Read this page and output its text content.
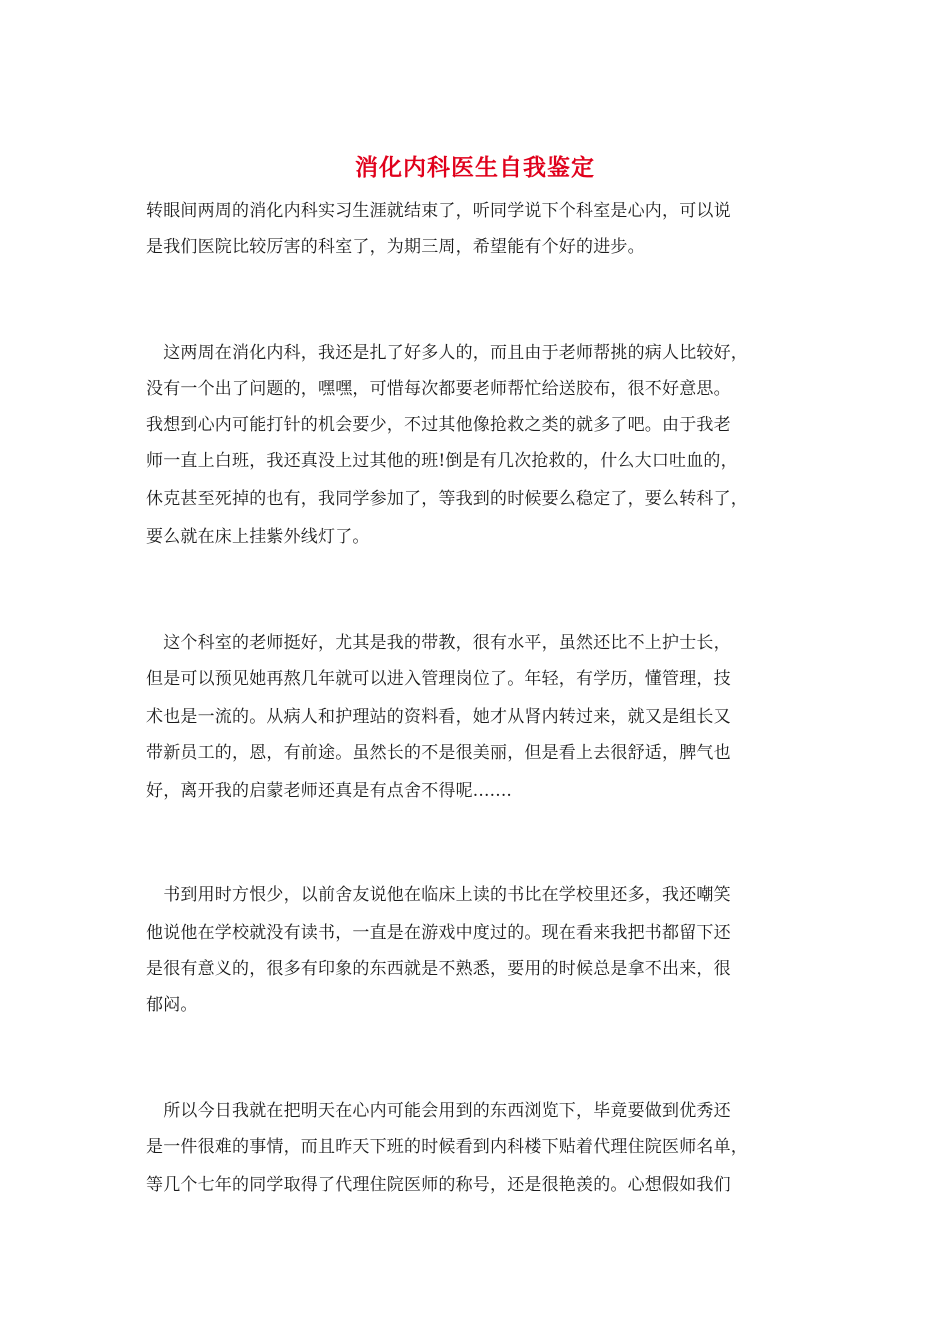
消化内科医生自我鉴定
转眼间两周的消化内科实习生涯就结束了，听同学说下个科室是心内，可以说
是我们医院比较厉害的科室了，为期三周，希望能有个好的进步。
　这两周在消化内科，我还是扎了好多人的，而且由于老师帮挑的病人比较好，
没有一个出了问题的，嘿嘿，可惜每次都要老师帮忙给送胶布，很不好意思。
我想到心内可能打针的机会要少，不过其他像抢救之类的就多了吧。由于我老
师一直上白班，我还真没上过其他的班!倒是有几次抢救的，什么大口吐血的，
休克甚至死掉的也有，我同学参加了，等我到的时候要么稳定了，要么转科了，
要么就在床上挂紫外线灯了。
　这个科室的老师挺好，尤其是我的带教，很有水平，虽然还比不上护士长，
但是可以预见她再熬几年就可以进入管理岗位了。年轻，有学历，懂管理，技
术也是一流的。从病人和护理站的资料看，她才从肾内转过来，就又是组长又
带新员工的，恩，有前途。虽然长的不是很美丽，但是看上去很舒适，脾气也
好，离开我的启蒙老师还真是有点舍不得呢.......
　书到用时方恨少，以前舍友说他在临床上读的书比在学校里还多，我还嘲笑
他说他在学校就没有读书，一直是在游戏中度过的。现在看来我把书都留下还
是很有意义的，很多有印象的东西就是不熟悉，要用的时候总是拿不出来，很
郁闷。
　所以今日我就在把明天在心内可能会用到的东西浏览下，毕竟要做到优秀还
是一件很难的事情，而且昨天下班的时候看到内科楼下贴着代理住院医师名单，
等几个七年的同学取得了代理住院医师的称号，还是很艳羡的。心想假如我们
